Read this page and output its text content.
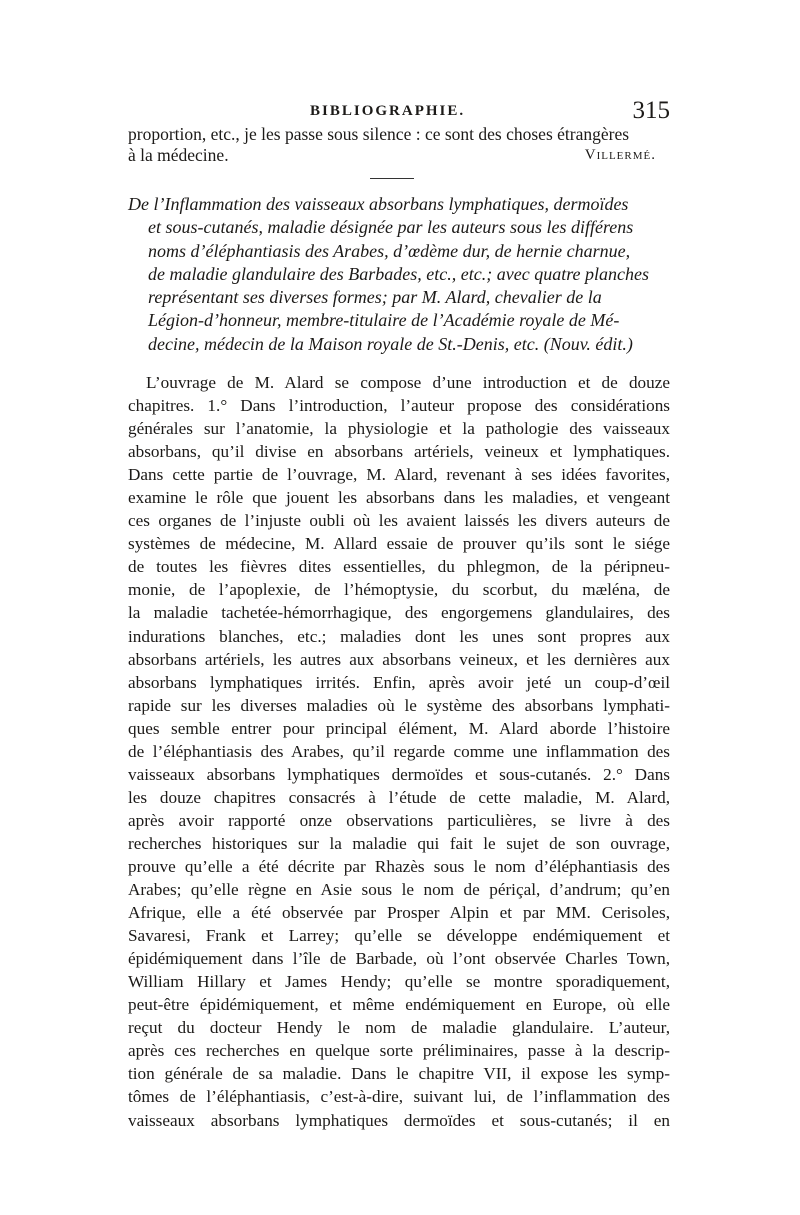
BIBLIOGRAPHIE.	315
proportion, etc., je les passe sous silence : ce sont des choses étrangères
à la médecine.	Villermé.
De l’Inflammation des vaisseaux absorbans lymphatiques, dermoïdes
et sous-cutanés, maladie désignée par les auteurs sous les différens
noms d’éléphantiasis des Arabes, d’œdème dur, de hernie charnue,
de maladie glandulaire des Barbades, etc., etc.; avec quatre planches
représentant ses diverses formes; par M. Alard, chevalier de la
Légion-d’honneur, membre-titulaire de l’Académie royale de Mé-
decine, médecin de la Maison royale de St.-Denis, etc. (Nouv. édit.)
L’ouvrage de M. Alard se compose d’une introduction et de douze
chapitres. 1.° Dans l’introduction, l’auteur propose des considérations
générales sur l’anatomie, la physiologie et la pathologie des vaisseaux
absorbans, qu’il divise en absorbans artériels, veineux et lymphatiques.
Dans cette partie de l’ouvrage, M. Alard, revenant à ses idées favorites,
examine le rôle que jouent les absorbans dans les maladies, et vengeant
ces organes de l’injuste oubli où les avaient laissés les divers auteurs de
systèmes de médecine, M. Allard essaie de prouver qu’ils sont le siége
de toutes les fièvres dites essentielles, du phlegmon, de la péripneu-
monie, de l’apoplexie, de l’hémoptysie, du scorbut, du mæléna, de
la maladie tachetée-hémorrhagique, des engorgemens glandulaires, des
indurations blanches, etc.; maladies dont les unes sont propres aux
absorbans artériels, les autres aux absorbans veineux, et les dernières aux
absorbans lymphatiques irrités. Enfin, après avoir jeté un coup-d’œil
rapide sur les diverses maladies où le système des absorbans lymphati-
ques semble entrer pour principal élément, M. Alard aborde l’histoire
de l’éléphantiasis des Arabes, qu’il regarde comme une inflammation des
vaisseaux absorbans lymphatiques dermoïdes et sous-cutanés. 2.° Dans
les douze chapitres consacrés à l’étude de cette maladie, M. Alard,
après avoir rapporté onze observations particulières, se livre à des
recherches historiques sur la maladie qui fait le sujet de son ouvrage,
prouve qu’elle a été décrite par Rhazès sous le nom d’éléphantiasis des
Arabes; qu’elle règne en Asie sous le nom de périçal, d’andrum; qu’en
Afrique, elle a été observée par Prosper Alpin et par MM. Cerisoles,
Savaresi, Frank et Larrey; qu’elle se développe endémiquement et
épidémiquement dans l’île de Barbade, où l’ont observée Charles Town,
William Hillary et James Hendy; qu’elle se montre sporadiquement,
peut-être épidémiquement, et même endémiquement en Europe, où elle
reçut du docteur Hendy le nom de maladie glandulaire. L’auteur,
après ces recherches en quelque sorte préliminaires, passe à la descrip-
tion générale de sa maladie. Dans le chapitre VII, il expose les symp-
tômes de l’éléphantiasis, c’est-à-dire, suivant lui, de l’inflammation des
vaisseaux absorbans lymphatiques dermoïdes et sous-cutanés; il en
